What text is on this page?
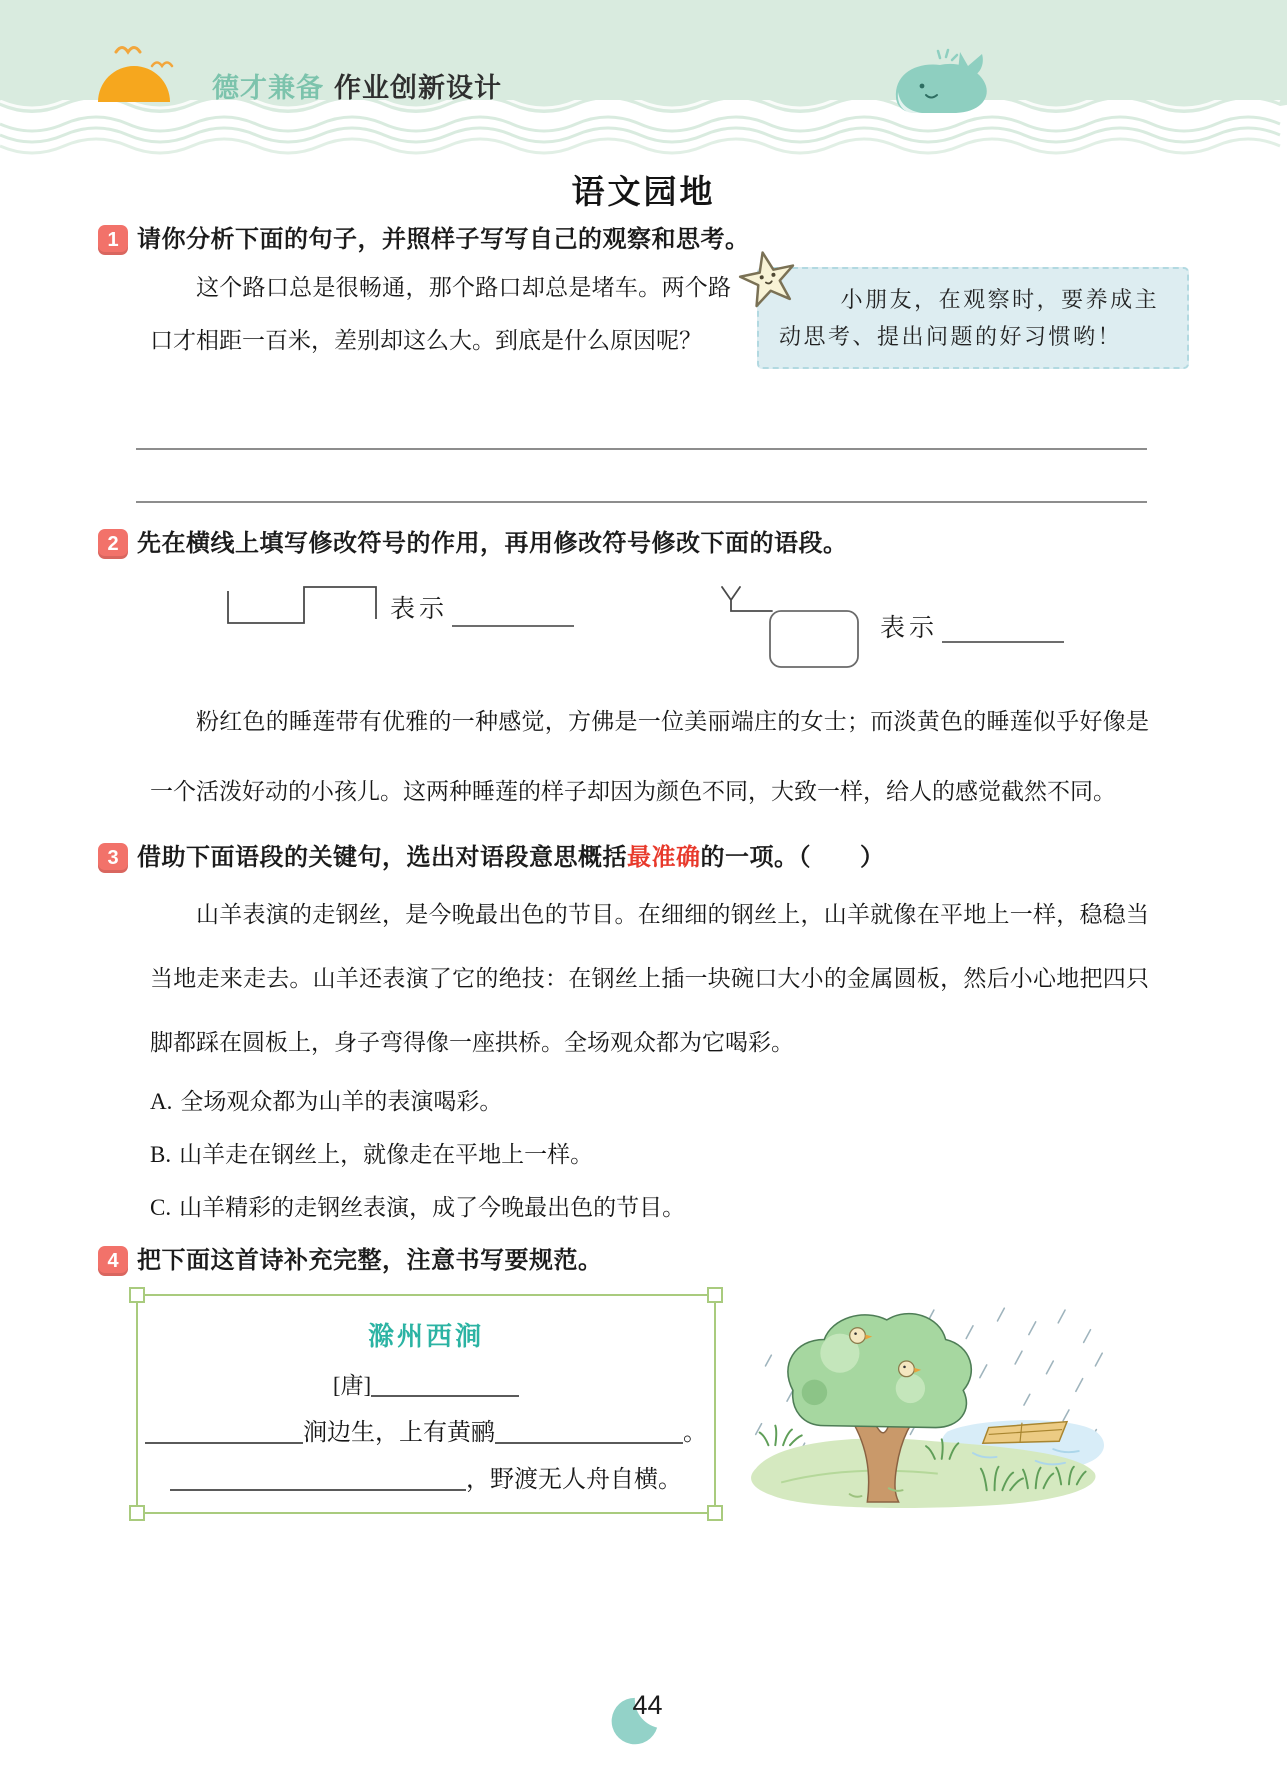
德才兼备 作业创新设计
语文园地
1 请你分析下面的句子，并照样子写写自己的观察和思考。

小朋友，在观察时，要养成主动思考、提出问题的好习惯哟！

这个路口总是很畅通，那个路口却总是堵车。两个路口才相距一百米，差别却这么大。到底是什么原因呢？

2 先在横线上填写修改符号的作用，再用修改符号修改下面的语段。
表示
表示

粉红色的睡莲带有优雅的一种感觉，方佛是一位美丽端庄的女士；而淡黄色的睡莲似乎好像是一个活泼好动的小孩儿。这两种睡莲的样子却因为颜色不同，大致一样，给人的感觉截然不同。

3 借助下面语段的关键句，选出对语段意思概括最准确的一项。（　　）

山羊表演的走钢丝，是今晚最出色的节目。在细细的钢丝上，山羊就像在平地上一样，稳稳当当地走来走去。山羊还表演了它的绝技：在钢丝上插一块碗口大小的金属圆板，然后小心地把四只脚都踩在圆板上，身子弯得像一座拱桥。全场观众都为它喝彩。

A. 全场观众都为山羊的表演喝彩。
B. 山羊走在钢丝上，就像走在平地上一样。
C. 山羊精彩的走钢丝表演，成了今晚最出色的节目。
4 把下面这首诗补充完整，注意书写要规范。
滁州西涧
[唐]
涧边生，上有黄鹂	。
，野渡无人舟自横。
44
